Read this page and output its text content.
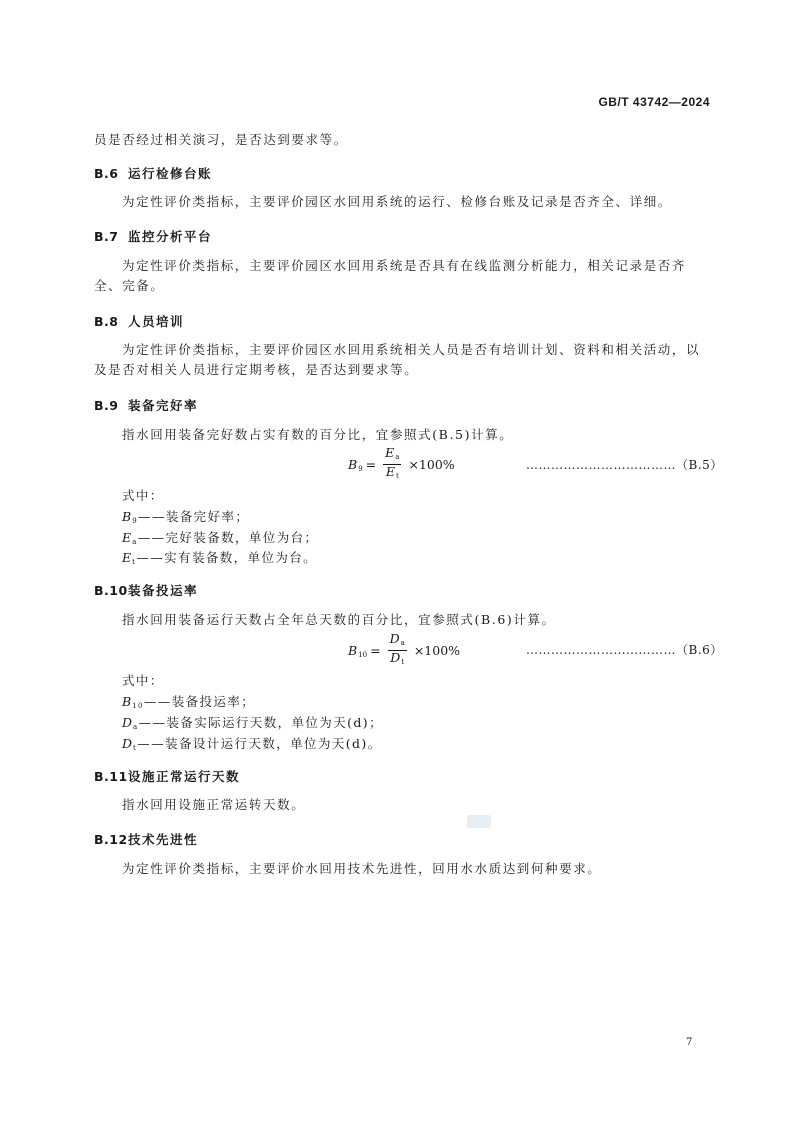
GB/T 43742—2024
员是否经过相关演习，是否达到要求等。
B.6 运行检修台账
为定性评价类指标，主要评价园区水回用系统的运行、检修台账及记录是否齐全、详细。
B.7 监控分析平台
为定性评价类指标，主要评价园区水回用系统是否具有在线监测分析能力，相关记录是否齐全、完备。
B.8 人员培训
为定性评价类指标，主要评价园区水回用系统相关人员是否有培训计划、资料和相关活动，以及是否对相关人员进行定期考核，是否达到要求等。
B.9 装备完好率
指水回用装备完好数占实有数的百分比，宜参照式(B.5)计算。
$B_9 = \frac{E_a}{E_t} \times 100\%$	………………………………（B.5）
式中：
$B_9——$装备完好率；
$E_a——$完好装备数，单位为台；
$E_t——$实有装备数，单位为台。
B.10装备投运率
指水回用装备运行天数占全年总天数的百分比，宜参照式(B.6)计算。
$B_{10} = \frac{D_a}{D_t} \times 100\%$	………………………………（B.6）
式中：
$B_{10}——$装备投运率；
$D_a——$装备实际运行天数，单位为天(d)；
$D_t——$装备设计运行天数，单位为天(d)。
B.11设施正常运行天数
指水回用设施正常运转天数。
B.12技术先进性
为定性评价类指标，主要评价水回用技术先进性，回用水水质达到何种要求。
7
